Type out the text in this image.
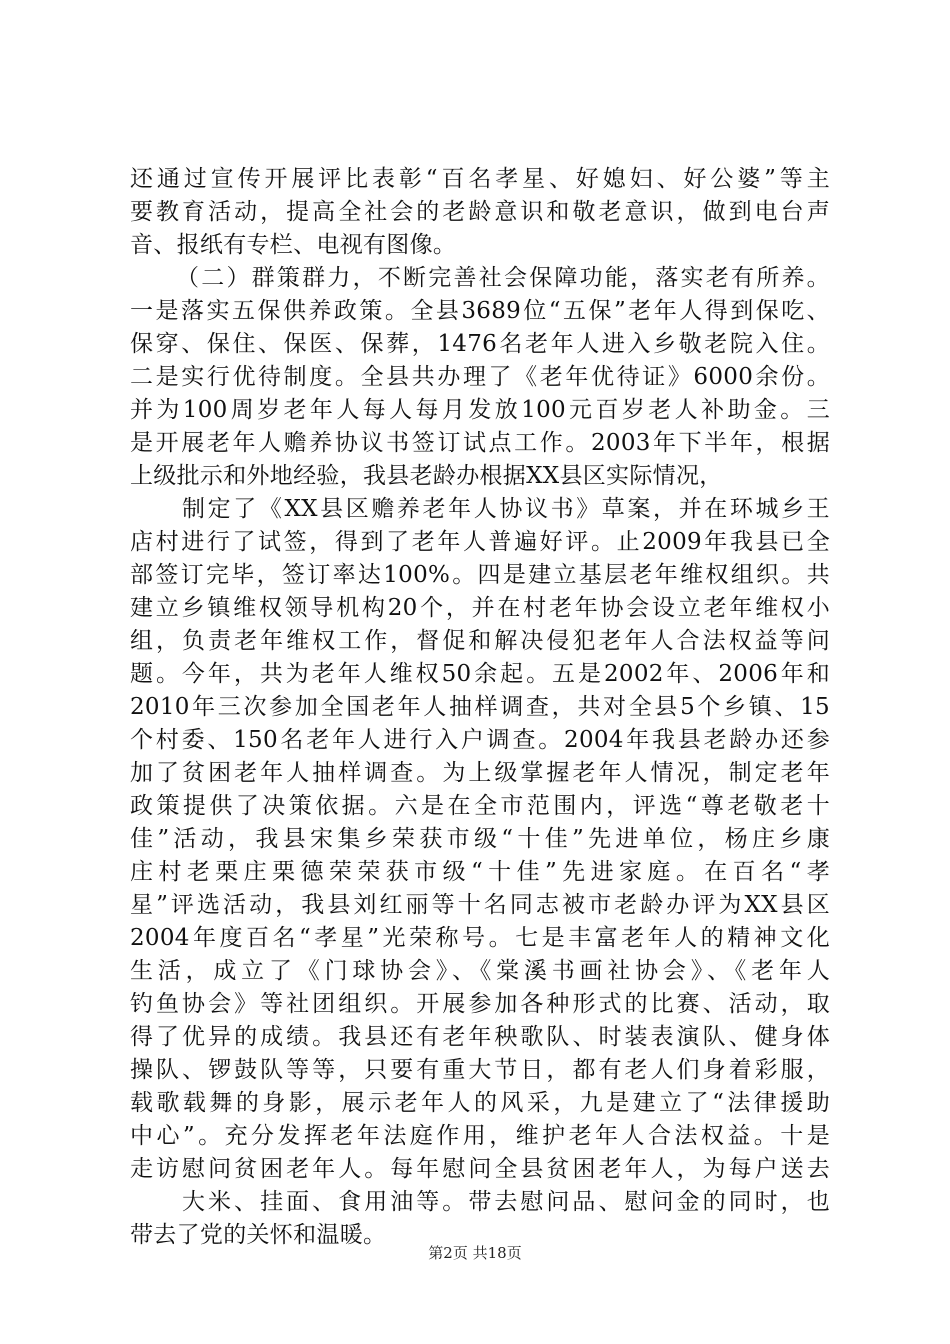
还通过宣传开展评比表彰“百名孝星、好媳妇、好公婆”等主
要教育活动，提高全社会的老龄意识和敬老意识，做到电台声
音、报纸有专栏、电视有图像。
（二）群策群力，不断完善社会保障功能，落实老有所养。
一是落实五保供养政策。全县3689位“五保”老年人得到保吃、
保穿、保住、保医、保葬，1476名老年人进入乡敬老院入住。
二是实行优待制度。全县共办理了《老年优待证》6000余份。
并为100周岁老年人每人每月发放100元百岁老人补助金。三
是开展老年人赡养协议书签订试点工作。2003年下半年，根据
上级批示和外地经验，我县老龄办根据XX县区实际情况，
制定了《XX县区赡养老年人协议书》草案，并在环城乡王
店村进行了试签，得到了老年人普遍好评。止2009年我县已全
部签订完毕，签订率达100%。四是建立基层老年维权组织。共
建立乡镇维权领导机构20个，并在村老年协会设立老年维权小
组，负责老年维权工作，督促和解决侵犯老年人合法权益等问
题。今年，共为老年人维权50余起。五是2002年、2006年和
2010年三次参加全国老年人抽样调查，共对全县5个乡镇、15
个村委、150名老年人进行入户调查。2004年我县老龄办还参
加了贫困老年人抽样调查。为上级掌握老年人情况，制定老年
政策提供了决策依据。六是在全市范围内，评选“尊老敬老十
佳”活动，我县宋集乡荣获市级“十佳”先进单位，杨庄乡康
庄村老栗庄栗德荣荣获市级“十佳”先进家庭。在百名“孝
星”评选活动，我县刘红丽等十名同志被市老龄办评为XX县区
2004年度百名“孝星”光荣称号。七是丰富老年人的精神文化
生活，成立了《门球协会》、《棠溪书画社协会》、《老年人
钓鱼协会》等社团组织。开展参加各种形式的比赛、活动，取
得了优异的成绩。我县还有老年秧歌队、时装表演队、健身体
操队、锣鼓队等等，只要有重大节日，都有老人们身着彩服，
载歌载舞的身影，展示老年人的风采，九是建立了“法律援助
中心”。充分发挥老年法庭作用，维护老年人合法权益。十是
走访慰问贫困老年人。每年慰问全县贫困老年人，为每户送去
大米、挂面、食用油等。带去慰问品、慰问金的同时，也
带去了党的关怀和温暖。
第2页 共18页
